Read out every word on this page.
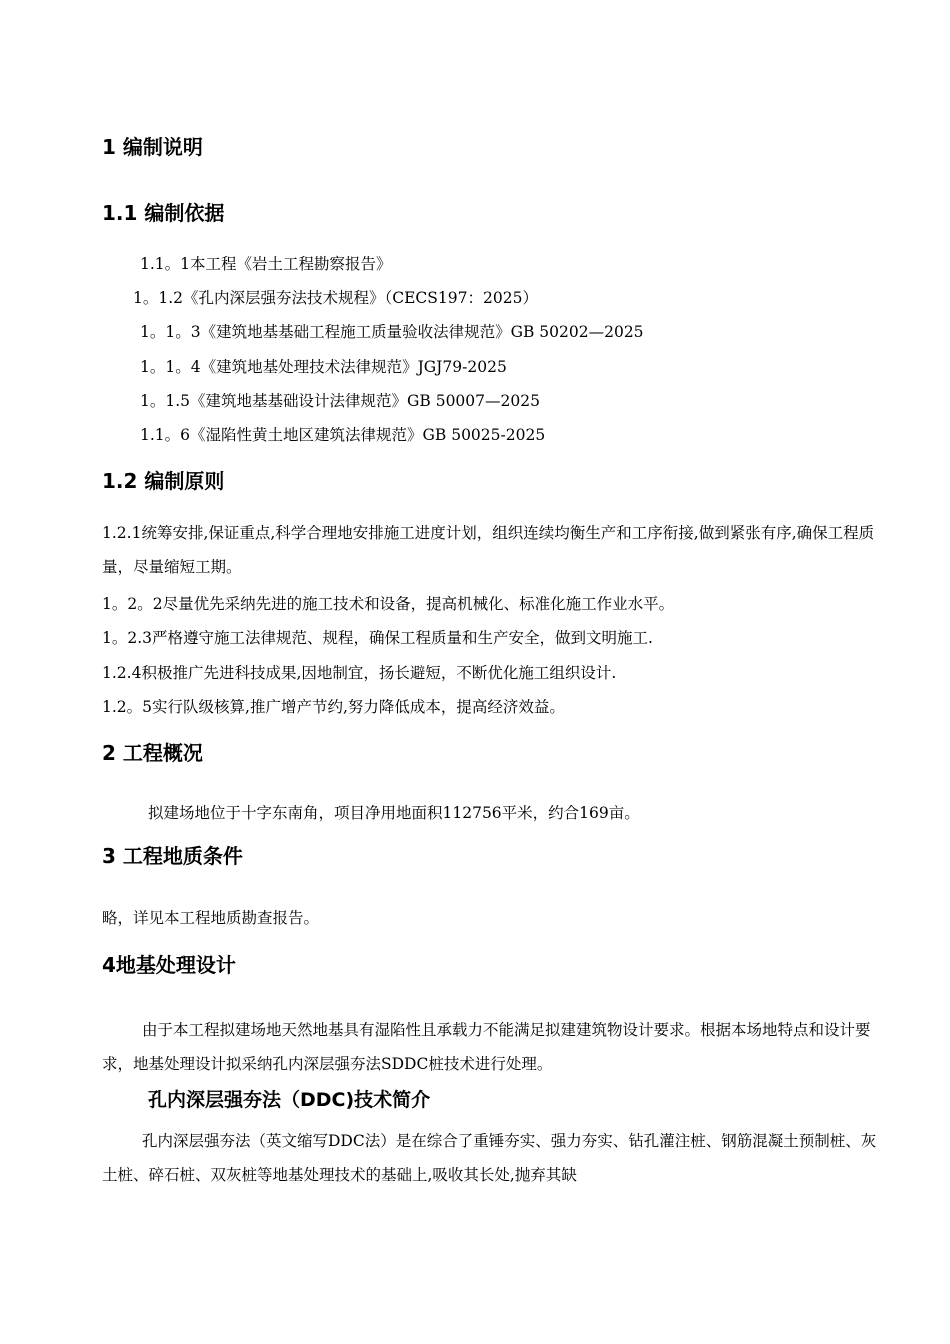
1 编制说明
1.1 编制依据
1.1。1本工程《岩土工程勘察报告》
1。1.2《孔内深层强夯法技术规程》（CECS197：2025）
1。1。3《建筑地基基础工程施工质量验收法律规范》GB 50202—2025
1。1。4《建筑地基处理技术法律规范》JGJ79-2025
1。1.5《建筑地基基础设计法律规范》GB 50007—2025
1.1。6《湿陷性黄土地区建筑法律规范》GB 50025-2025
1.2 编制原则
1.2.1统筹安排,保证重点,科学合理地安排施工进度计划，组织连续均衡生产和工序衔接,做到紧张有序,确保工程质量，尽量缩短工期。
1。2。2尽量优先采纳先进的施工技术和设备，提高机械化、标准化施工作业水平。
1。2.3严格遵守施工法律规范、规程，确保工程质量和生产安全，做到文明施工.
1.2.4积极推广先进科技成果,因地制宜，扬长避短，不断优化施工组织设计.
1.2。5实行队级核算,推广增产节约,努力降低成本，提高经济效益。
2 工程概况
拟建场地位于十字东南角，项目净用地面积112756平米，约合169亩。
3 工程地质条件
略，详见本工程地质勘查报告。
4地基处理设计
由于本工程拟建场地天然地基具有湿陷性且承载力不能满足拟建建筑物设计要求。根据本场地特点和设计要求，地基处理设计拟采纳孔内深层强夯法SDDC桩技术进行处理。
孔内深层强夯法（DDC)技术简介
孔内深层强夯法（英文缩写DDC法）是在综合了重锤夯实、强力夯实、钻孔灌注桩、钢筋混凝土预制桩、灰土桩、碎石桩、双灰桩等地基处理技术的基础上,吸收其长处,抛弃其缺
